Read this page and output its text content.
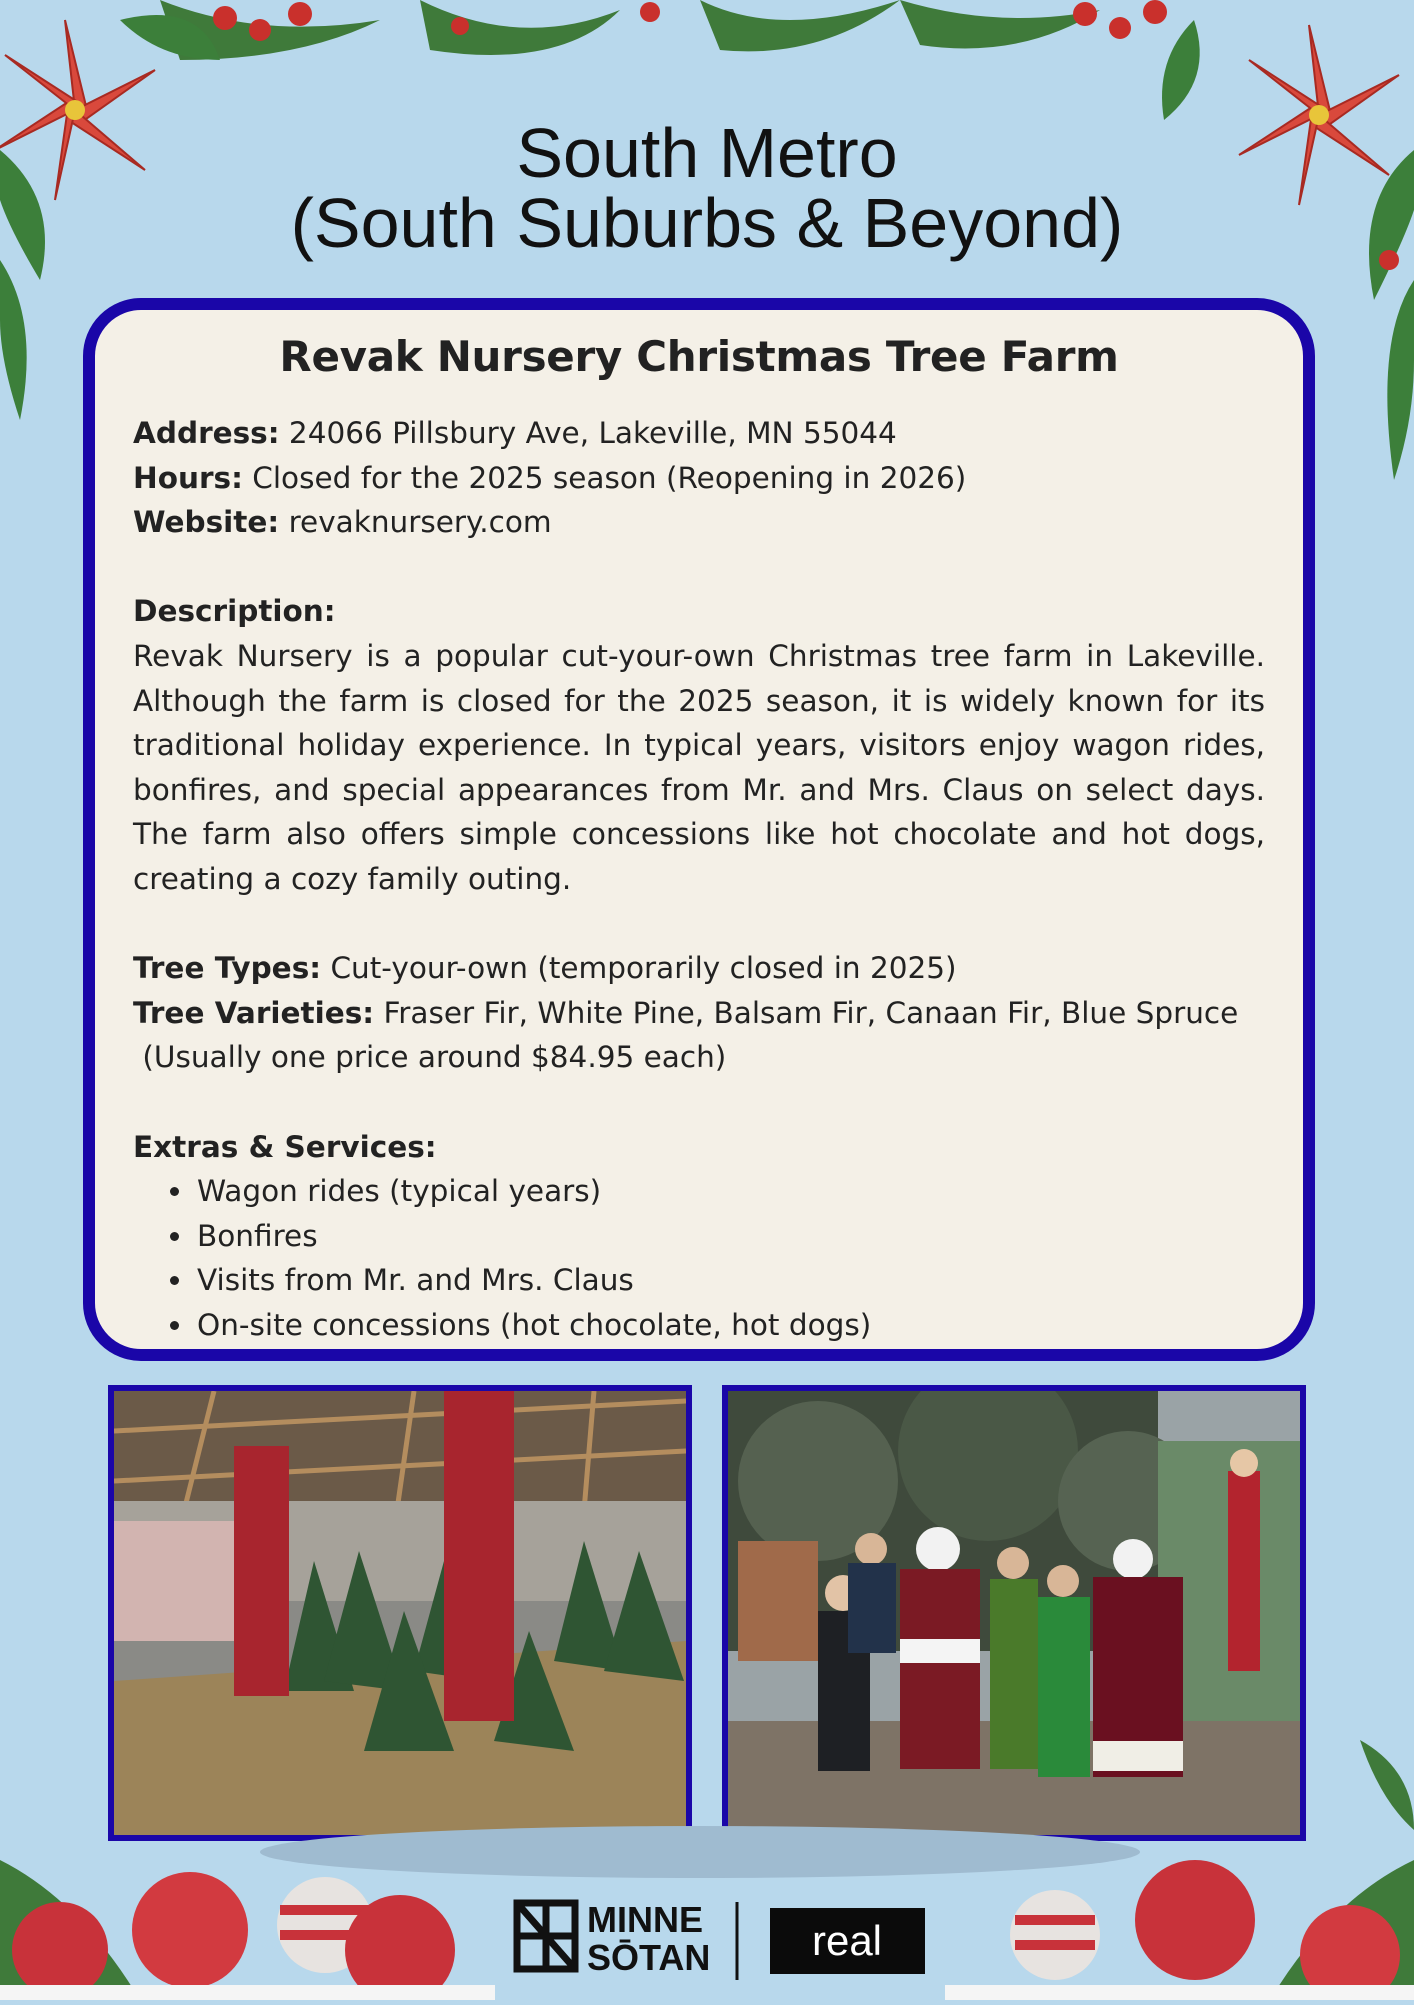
South Metro
(South Suburbs & Beyond)
Revak Nursery Christmas Tree Farm
Address: 24066 Pillsbury Ave, Lakeville, MN 55044
Hours: Closed for the 2025 season (Reopening in 2026)
Website: revaknursery.com
Description:
Revak Nursery is a popular cut-your-own Christmas tree farm in Lakeville. Although the farm is closed for the 2025 season, it is widely known for its traditional holiday experience. In typical years, visitors enjoy wagon rides, bonfires, and special appearances from Mr. and Mrs. Claus on select days. The farm also offers simple concessions like hot chocolate and hot dogs, creating a cozy family outing.
Tree Types: Cut-your-own (temporarily closed in 2025)
Tree Varieties: Fraser Fir, White Pine, Balsam Fir, Canaan Fir, Blue Spruce
(Usually one price around $84.95 each)
Extras & Services:
• Wagon rides (typical years)
• Bonfires
• Visits from Mr. and Mrs. Claus
• On-site concessions (hot chocolate, hot dogs)
MINNE
SŌTAN real
